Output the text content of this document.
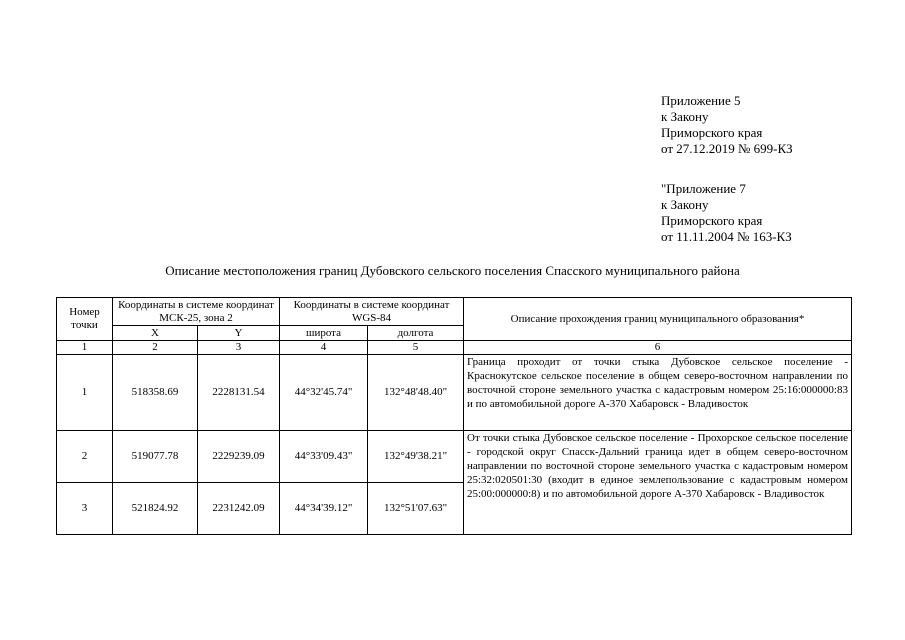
Приложение 5
к Закону
Приморского края
от 27.12.2019 № 699-КЗ
"Приложение 7
к Закону
Приморского края
от 11.11.2004 № 163-КЗ
Описание местоположения границ Дубовского сельского поселения Спасского муниципального района
Номер точки	Координаты в системе координат МСК-25, зона 2		Координаты в системе координат WGS-84		Описание прохождения границ муниципального образования*
	X	Y	широта	долгота	
1	2	3	4	5	6
1	518358.69	2228131.54	44°32'45.74"	132°48'48.40"	Граница проходит от точки стыка Дубовское сельское поселение - Краснокутское сельское поселение в общем северо-восточном направлении по восточной стороне земельного участка с кадастровым номером 25:16:000000:83 и по автомобильной дороге А-370 Хабаровск - Владивосток
2	519077.78	2229239.09	44°33'09.43"	132°49'38.21"	От точки стыка Дубовское сельское поселение - Прохорское сельское поселение - городской округ Спасск-Дальний граница идет в общем северо-восточном направлении по восточной стороне земельного участка с кадастровым номером 25:32:020501:30 (входит в единое землепользование с кадастровым номером 25:00:000000:8) и по автомобильной дороге А-370 Хабаровск - Владивосток
3	521824.92	2231242.09	44°34'39.12"	132°51'07.63"	
